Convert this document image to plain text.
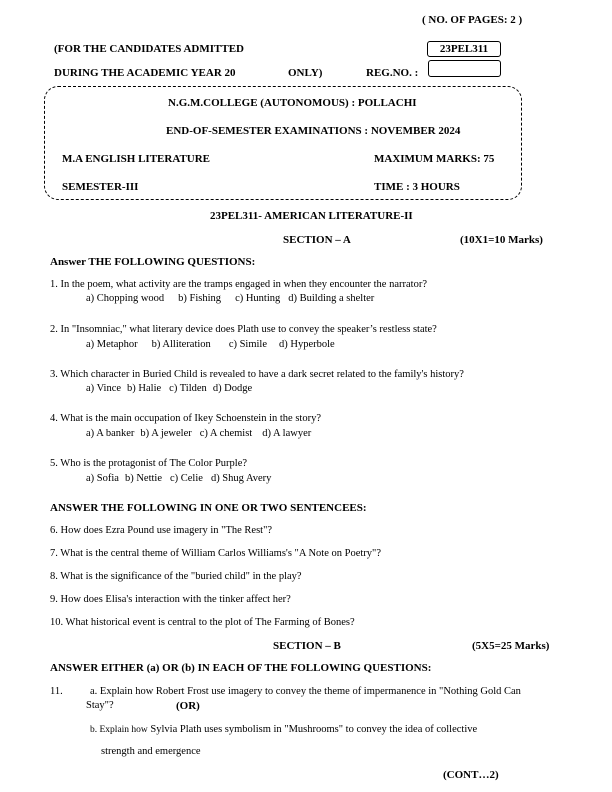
( NO. OF PAGES: 2 )
(FOR THE CANDIDATES ADMITTED	23PEL311
DURING THE ACADEMIC YEAR 20	ONLY)	REG.NO. :
N.G.M.COLLEGE (AUTONOMOUS) : POLLACHI
END-OF-SEMESTER EXAMINATIONS : NOVEMBER 2024
M.A ENGLISH LITERATURE	MAXIMUM MARKS: 75
SEMESTER-III	TIME : 3 HOURS
23PEL311- AMERICAN LITERATURE-II
SECTION – A	(10X1=10 Marks)
Answer THE FOLLOWING QUESTIONS:
1. In the poem, what activity are the tramps engaged in when they encounter the narrator?
a) Chopping wood b) Fishing c) Hunting d) Building a shelter
2. In "Insomniac," what literary device does Plath use to convey the speaker’s restless state?
a) Metaphor b) Alliteration c) Simile d) Hyperbole
3. Which character in Buried Child is revealed to have a dark secret related to the family's history?
a) Vince b) Halie c) Tilden d) Dodge
4. What is the main occupation of Ikey Schoenstein in the story?
a) A banker b) A jeweler c) A chemist d) A lawyer
5. Who is the protagonist of The Color Purple?
a) Sofia b) Nettie c) Celie d) Shug Avery
ANSWER THE FOLLOWING IN ONE OR TWO SENTENCEES:
6. How does Ezra Pound use imagery in "The Rest"?
7. What is the central theme of William Carlos Williams's "A Note on Poetry"?
8. What is the significance of the "buried child" in the play?
9. How does Elisa's interaction with the tinker affect her?
10. What historical event is central to the plot of The Farming of Bones?
SECTION – B	(5X5=25 Marks)
ANSWER EITHER (a) OR (b) IN EACH OF THE FOLLOWING QUESTIONS:
11.	a. Explain how Robert Frost use imagery to convey the theme of impermanence in "Nothing Gold Can
Stay"?	(OR)
b. Explain how Sylvia Plath uses symbolism in "Mushrooms" to convey the idea of collective
strength and emergence
(CONT…2)
